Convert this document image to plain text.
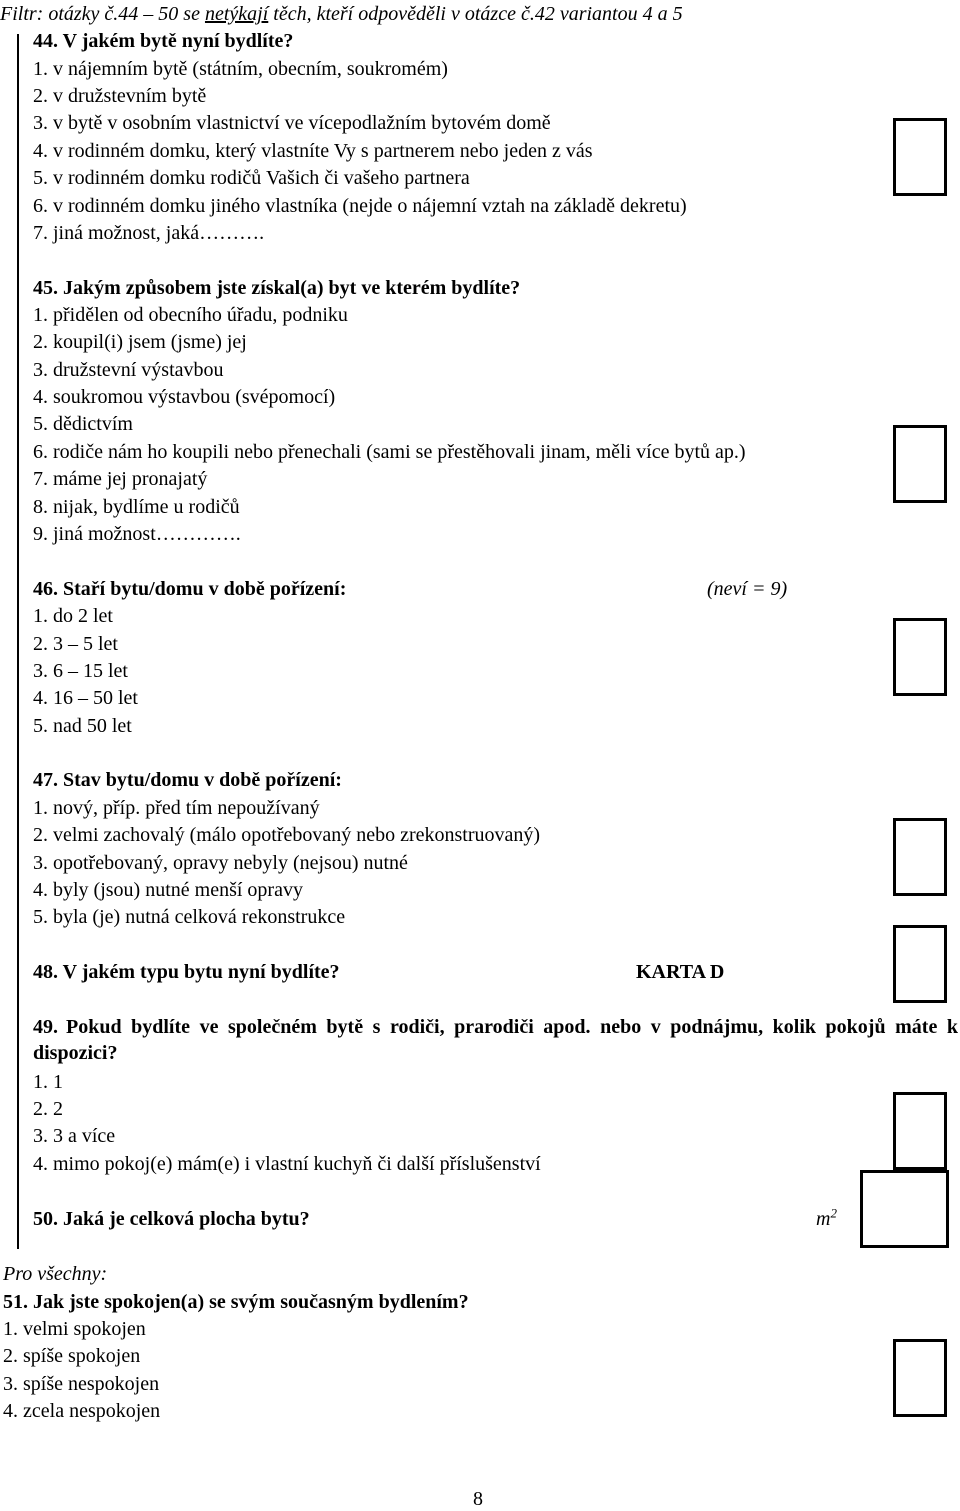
Filtr: otázky č.44 – 50 se netýkají těch, kteří odpověděli v otázce č.42 variantou 4 a 5
44. V jakém bytě nyní bydlíte?
1. v nájemním bytě (státním, obecním, soukromém)
2. v družstevním bytě
3. v bytě v osobním vlastnictví ve vícepodlažním bytovém domě
4. v rodinném domku, který vlastníte Vy s partnerem nebo jeden z vás
5. v rodinném domku rodičů Vašich či vašeho partnera
6. v rodinném domku jiného vlastníka (nejde o nájemní vztah na základě dekretu)
7. jiná možnost, jaká……….
45. Jakým způsobem jste získal(a) byt ve kterém bydlíte?
1. přidělen od obecního úřadu, podniku
2. koupil(i) jsem (jsme) jej
3. družstevní výstavbou
4. soukromou výstavbou (svépomocí)
5. dědictvím
6. rodiče nám ho koupili nebo přenechali (sami se přestěhovali jinam, měli více bytů ap.)
7. máme jej pronajatý
8. nijak, bydlíme u rodičů
9. jiná možnost………….
46. Staří bytu/domu v době pořízení:	(neví = 9)
1. do 2 let
2. 3 – 5 let
3. 6 – 15 let
4. 16 – 50 let
5. nad 50 let
47. Stav bytu/domu v době pořízení:
1. nový, příp. před tím nepoužívaný
2. velmi zachovalý (málo opotřebovaný nebo zrekonstruovaný)
3. opotřebovaný, opravy nebyly (nejsou) nutné
4. byly (jsou) nutné menší opravy
5. byla (je) nutná celková rekonstrukce
48. V jakém typu bytu nyní bydlíte?	KARTA D
49. Pokud bydlíte ve společném bytě s rodiči, prarodiči apod. nebo v podnájmu, kolik pokojů máte k dispozici?
1. 1
2. 2
3. 3 a více
4. mimo pokoj(e) mám(e) i vlastní kuchyň či další příslušenství
50. Jaká je celková plocha bytu?	$m^2$
Pro všechny:
51. Jak jste spokojen(a) se svým současným bydlením?
1. velmi spokojen
2. spíše spokojen
3. spíše nespokojen
4. zcela nespokojen
8
